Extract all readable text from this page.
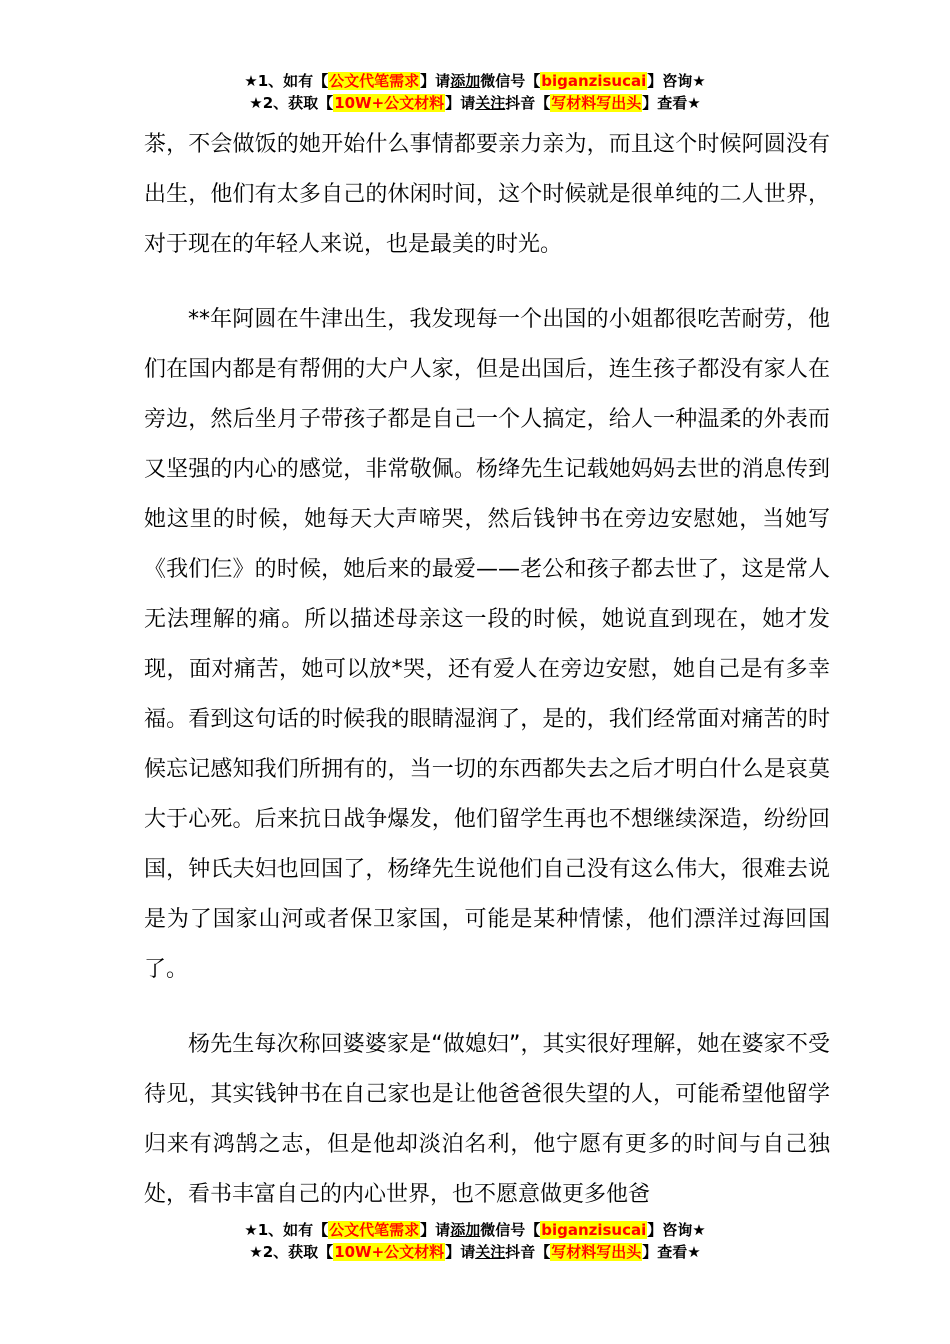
★1、如有【公文代笔需求】请添加微信号【biganzisucai】咨询★
★2、获取【10W+公文材料】请关注抖音【写材料写出头】查看★

茶，不会做饭的她开始什么事情都要亲力亲为，而且这个时候阿圆没有出生，他们有太多自己的休闲时间，这个时候就是很单纯的二人世界，对于现在的年轻人来说，也是最美的时光。

**年阿圆在牛津出生，我发现每一个出国的小姐都很吃苦耐劳，他们在国内都是有帮佣的大户人家，但是出国后，连生孩子都没有家人在旁边，然后坐月子带孩子都是自己一个人搞定，给人一种温柔的外表而又坚强的内心的感觉，非常敬佩。杨绛先生记载她妈妈去世的消息传到她这里的时候，她每天大声啼哭，然后钱钟书在旁边安慰她，当她写《我们仨》的时候，她后来的最爱——老公和孩子都去世了，这是常人无法理解的痛。所以描述母亲这一段的时候，她说直到现在，她才发现，面对痛苦，她可以放*哭，还有爱人在旁边安慰，她自己是有多幸福。看到这句话的时候我的眼睛湿润了，是的，我们经常面对痛苦的时候忘记感知我们所拥有的，当一切的东西都失去之后才明白什么是哀莫大于心死。后来抗日战争爆发，他们留学生再也不想继续深造，纷纷回国，钟氏夫妇也回国了，杨绛先生说他们自己没有这么伟大，很难去说是为了国家山河或者保卫家国，可能是某种情愫，他们漂洋过海回国了。

杨先生每次称回婆婆家是“做媳妇”，其实很好理解，她在婆家不受待见，其实钱钟书在自己家也是让他爸爸很失望的人，可能希望他留学归来有鸿鹄之志，但是他却淡泊名利，他宁愿有更多的时间与自己独处，看书丰富自己的内心世界，也不愿意做更多他爸

★1、如有【公文代笔需求】请添加微信号【biganzisucai】咨询★
★2、获取【10W+公文材料】请关注抖音【写材料写出头】查看★
